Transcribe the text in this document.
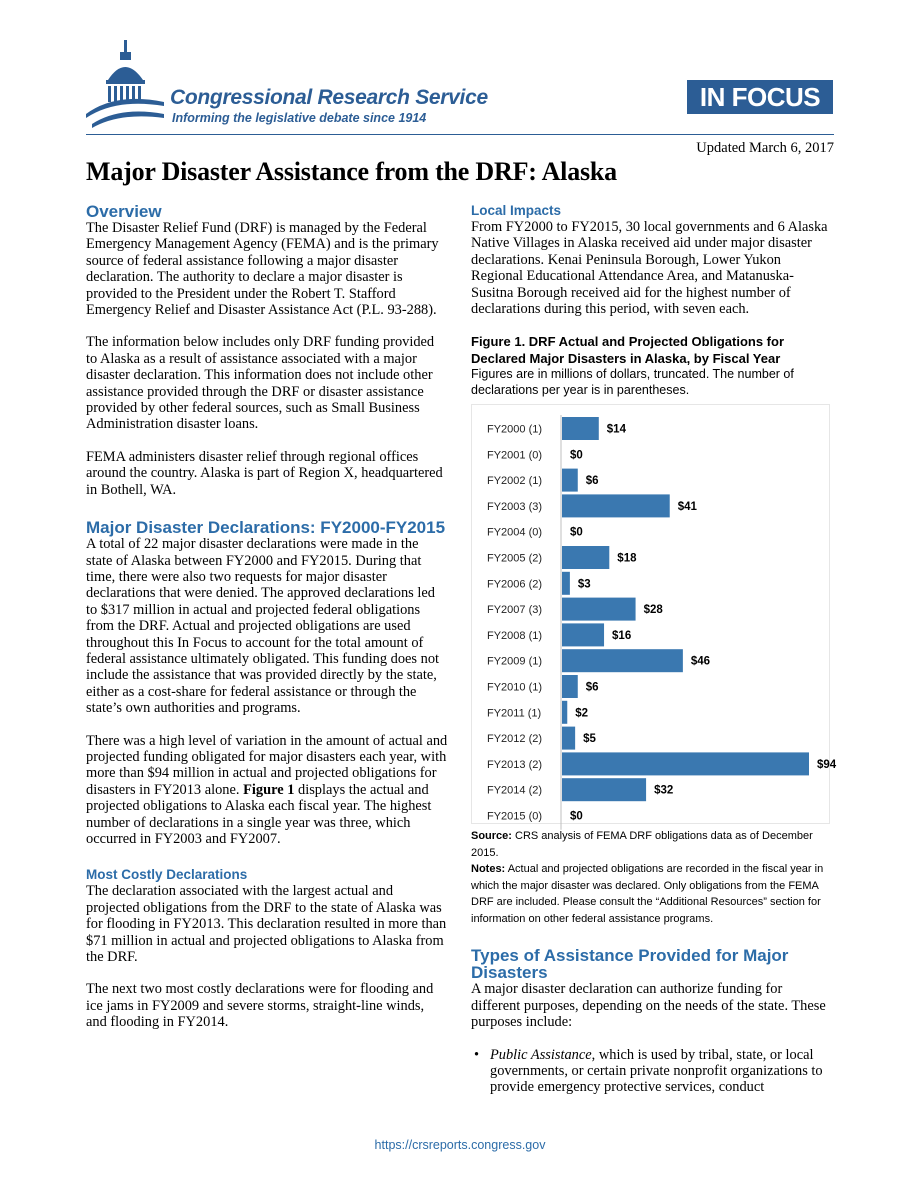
Congressional Research Service
Informing the legislative debate since 1914
IN FOCUS
Updated March 6, 2017
Major Disaster Assistance from the DRF: Alaska
Overview

The Disaster Relief Fund (DRF) is managed by the Federal Emergency Management Agency (FEMA) and is the primary source of federal assistance following a major disaster declaration. The authority to declare a major disaster is provided to the President under the Robert T. Stafford Emergency Relief and Disaster Assistance Act (P.L. 93-288).

The information below includes only DRF funding provided to Alaska as a result of assistance associated with a major disaster declaration. This information does not include other assistance provided through the DRF or disaster assistance provided by other federal sources, such as Small Business Administration disaster loans.

FEMA administers disaster relief through regional offices around the country. Alaska is part of Region X, headquartered in Bothell, WA.

Major Disaster Declarations: FY2000-FY2015

A total of 22 major disaster declarations were made in the state of Alaska between FY2000 and FY2015. During that time, there were also two requests for major disaster declarations that were denied. The approved declarations led to $317 million in actual and projected federal obligations from the DRF. Actual and projected obligations are used throughout this In Focus to account for the total amount of federal assistance ultimately obligated. This funding does not include the assistance that was provided directly by the state, either as a cost-share for federal assistance or through the state’s own authorities and programs.

There was a high level of variation in the amount of actual and projected funding obligated for major disasters each year, with more than $94 million in actual and projected obligations for disasters in FY2013 alone. Figure 1 displays the actual and projected obligations to Alaska each fiscal year. The highest number of declarations in a single year was three, which occurred in FY2003 and FY2007.

Most Costly Declarations

The declaration associated with the largest actual and projected obligations from the DRF to the state of Alaska was for flooding in FY2013. This declaration resulted in more than $71 million in actual and projected obligations to Alaska from the DRF.

The next two most costly declarations were for flooding and ice jams in FY2009 and severe storms, straight-line winds, and flooding in FY2014.

Local Impacts

From FY2000 to FY2015, 30 local governments and 6 Alaska Native Villages in Alaska received aid under major disaster declarations. Kenai Peninsula Borough, Lower Yukon Regional Educational Attendance Area, and Matanuska-Susitna Borough received aid for the highest number of declarations during this period, with seven each.

Figure 1. DRF Actual and Projected Obligations for Declared Major Disasters in Alaska, by Fiscal Year
Figures are in millions of dollars, truncated. The number of declarations per year is in parentheses.
FY2000 (1)	$14
FY2001 (0) $0
FY2002 (1)	$6
FY2003 (3)	$41
FY2004 (0) $0
FY2005 (2)	$18
FY2006 (2)	$3
FY2007 (3)	$28
FY2008 (1)	$16
FY2009 (1)	$46
FY2010 (1)	$6
FY2011 (1)	$2
FY2012 (2)	$5
FY2013 (2)	$94
FY2014 (2)	$32
FY2015 (0) $0
Source: CRS analysis of FEMA DRF obligations data as of December 2015.
Notes: Actual and projected obligations are recorded in the fiscal year in which the major disaster was declared. Only obligations from the FEMA DRF are included. Please consult the “Additional Resources” section for information on other federal assistance programs.
Types of Assistance Provided for Major Disasters

A major disaster declaration can authorize funding for different purposes, depending on the needs of the state. These purposes include:

• Public Assistance, which is used by tribal, state, or local governments, or certain private nonprofit organizations to provide emergency protective services, conduct
https://crsreports.congress.gov
